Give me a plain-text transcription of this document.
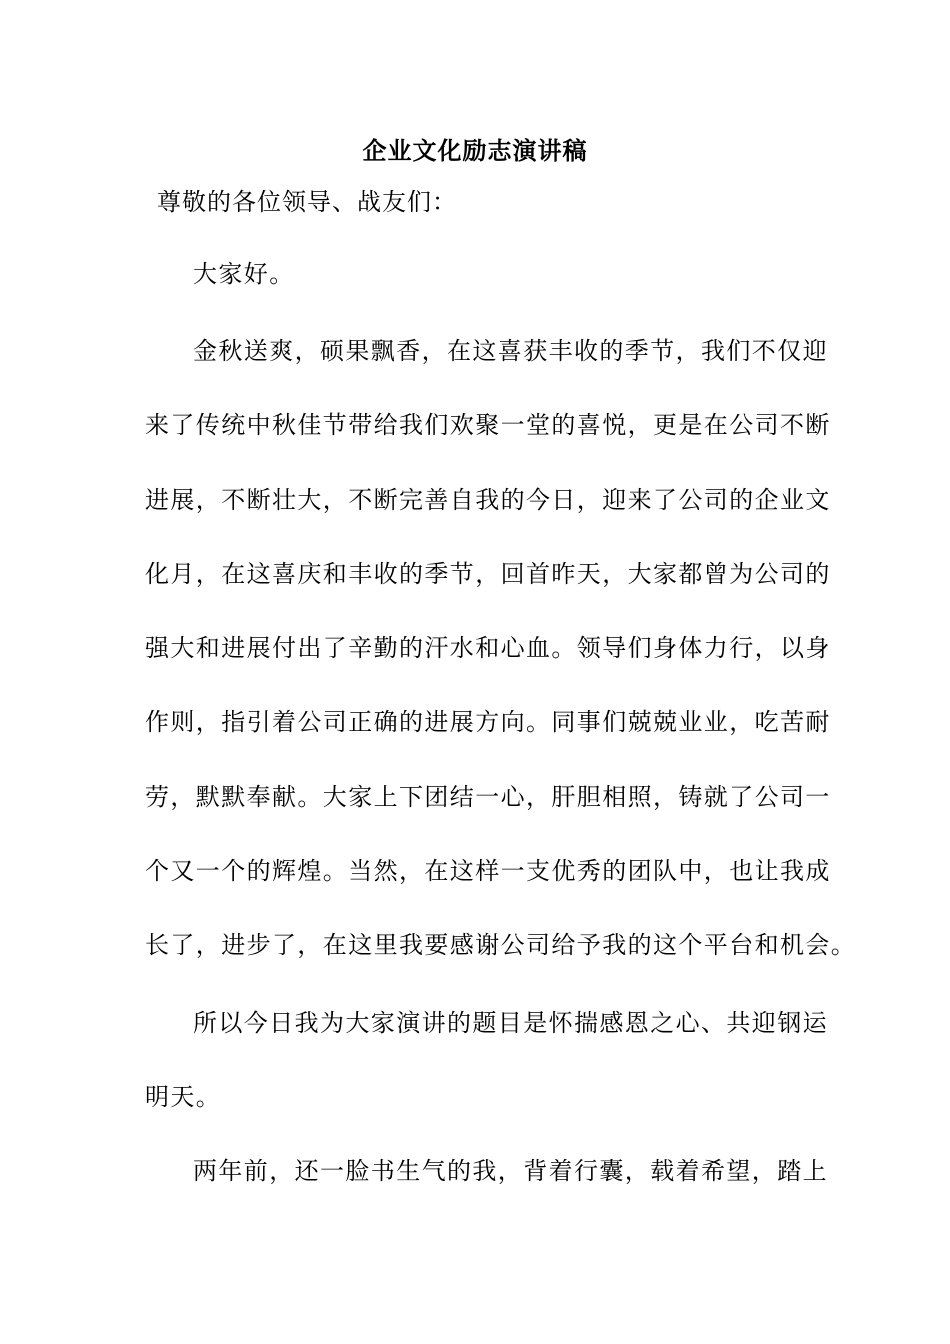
企业文化励志演讲稿
尊敬的各位领导、战友们：
大家好。
金秋送爽，硕果飘香，在这喜获丰收的季节，我们不仅迎
来了传统中秋佳节带给我们欢聚一堂的喜悦，更是在公司不断
进展，不断壮大，不断完善自我的今日，迎来了公司的企业文
化月，在这喜庆和丰收的季节，回首昨天，大家都曾为公司的
强大和进展付出了辛勤的汗水和心血。领导们身体力行，以身
作则，指引着公司正确的进展方向。同事们兢兢业业，吃苦耐
劳，默默奉献。大家上下团结一心，肝胆相照，铸就了公司一
个又一个的辉煌。当然，在这样一支优秀的团队中，也让我成
长了，进步了，在这里我要感谢公司给予我的这个平台和机会。
所以今日我为大家演讲的题目是怀揣感恩之心、共迎钢运
明天。
两年前，还一脸书生气的我，背着行囊，载着希望，踏上
